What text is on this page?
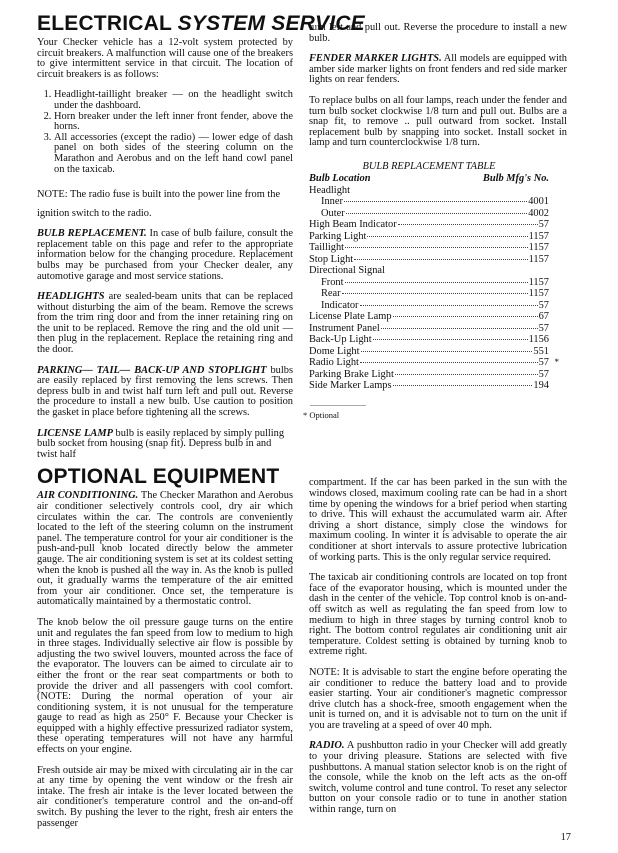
ELECTRICAL SYSTEM SERVICE

Your Checker vehicle has a 12-volt system protected by circuit breakers. A malfunction will cause one of the breakers to give intermittent service in that circuit. The location of circuit breakers is as follows:

1. Headlight-taillight breaker — on the headlight switch under the dashboard.
2. Horn breaker under the left inner front fender, above the horns.
3. All accessories (except the radio) — lower edge of dash panel on both sides of the steering column on the Marathon and Aerobus and on the left hand cowl panel on the taxicab.

NOTE: The radio fuse is built into the power line from the ignition switch to the radio.

BULB REPLACEMENT. In case of bulb failure, consult the replacement table on this page and refer to the appropriate information below for the changing procedure. Replacement bulbs may be purchased from your Checker dealer, any automotive garage and most service stations.

HEADLIGHTS are sealed-beam units that can be replaced without disturbing the aim of the beam. Remove the screws from the trim ring door and from the inner retaining ring on the unit to be replaced. Remove the ring and the old unit — then plug in the replacement. Replace the retaining ring and the door.

PARKING— TAIL— BACK-UP AND STOPLIGHT bulbs are easily replaced by first removing the lens screws. Then depress bulb in and twist half turn left and pull out. Reverse the procedure to install a new bulb. Use caution to position the gasket in place before tightening all the screws.

LICENSE LAMP bulb is easily replaced by simply pulling bulb socket from housing (snap fit). Depress bulb in and twist half

turn left and pull out. Reverse the procedure to install a new bulb.

FENDER MARKER LIGHTS. All models are equipped with amber side marker lights on front fenders and red side marker lights on rear fenders.

To replace bulbs on all four lamps, reach under the fender and turn bulb socket clockwise 1/8 turn and pull out. Bulbs are a snap fit, to remove .. pull outward from socket. Install replacement bulb by snapping into socket. Install socket in lamp and turn counterclockwise 1/8 turn.

BULB REPLACEMENT TABLE
Bulb Location	Bulb Mfg's No.
Headlight
Inner	4001
Outer	4002
High Beam Indicator	57
Parking Light	1157
Taillight	1157
Stop Light	1157
Directional Signal
Front	1157
Rear	1157
Indicator	57
License Plate Lamp	67
Instrument Panel	57
Back-Up Light	1156
Dome Light	551
Radio Light	57 *
Parking Brake Light	57
Side Marker Lamps	194
————————
* Optional
OPTIONAL EQUIPMENT

AIR CONDITIONING. The Checker Marathon and Aerobus air conditioner selectively controls cool, dry air which circulates within the car. The controls are conveniently located to the left of the steering column on the instrument panel. The temperature control for your air conditioner is the push-and-pull knob located directly below the ammeter gauge. The air conditioning system is set at its coldest setting when the knob is pushed all the way in. As the knob is pulled out, it gradually warms the temperature of the air emitted from your air conditioner. Once set, the temperature is automatically maintained by a thermostatic control.

The knob below the oil pressure gauge turns on the entire unit and regulates the fan speed from low to medium to high in three stages. Individually selective air flow is possible by adjusting the two swivel louvers, mounted across the face of the evaporator. The louvers can be aimed to circulate air to either the front or the rear seat compartments or both to provide the driver and all passengers with cool comfort. (NOTE: During the normal operation of your air conditioning system, it is not unusual for the temperature gauge to read as high as 250° F. Because your Checker is equipped with a highly effective pressurized radiator system, these operating temperatures will not have any harmful effects on your engine.

Fresh outside air may be mixed with circulating air in the car at any time by opening the vent window or the fresh air intake. The fresh air intake is the lever located between the air conditioner's temperature control and the on-and-off switch. By pushing the lever to the right, fresh air enters the passenger

compartment. If the car has been parked in the sun with the windows closed, maximum cooling rate can be had in a short time by opening the windows for a brief period when starting to drive. This will exhaust the accumulated warm air. After driving a short distance, simply close the windows for maximum cooling. In winter it is advisable to operate the air conditioner at short intervals to assure protective lubrication of working parts. This is the only regular service required.

The taxicab air conditioning controls are located on top front face of the evaporator housing, which is mounted under the dash in the center of the vehicle. Top control knob is on-and-off switch as well as regulating the fan speed from low to medium to high in three stages by turning control knob to right. The bottom control regulates air conditioning unit air temperature. Coldest setting is obtained by turning knob to extreme right.

NOTE: It is advisable to start the engine before operating the air conditioner to reduce the battery load and to provide easier starting. Your air conditioner's magnetic compressor drive clutch has a shock-free, smooth engagement when the unit is turned on, and it is advisable not to turn on the unit if you are traveling at a speed of over 40 mph.

RADIO. A pushbutton radio in your Checker will add greatly to your driving pleasure. Stations are selected with five pushbuttons. A manual station selector knob is on the right of the console, while the knob on the left acts as the on-off switch, volume control and tune control. To reset any selector button on your console radio or to tune in another station within range, turn on

17
